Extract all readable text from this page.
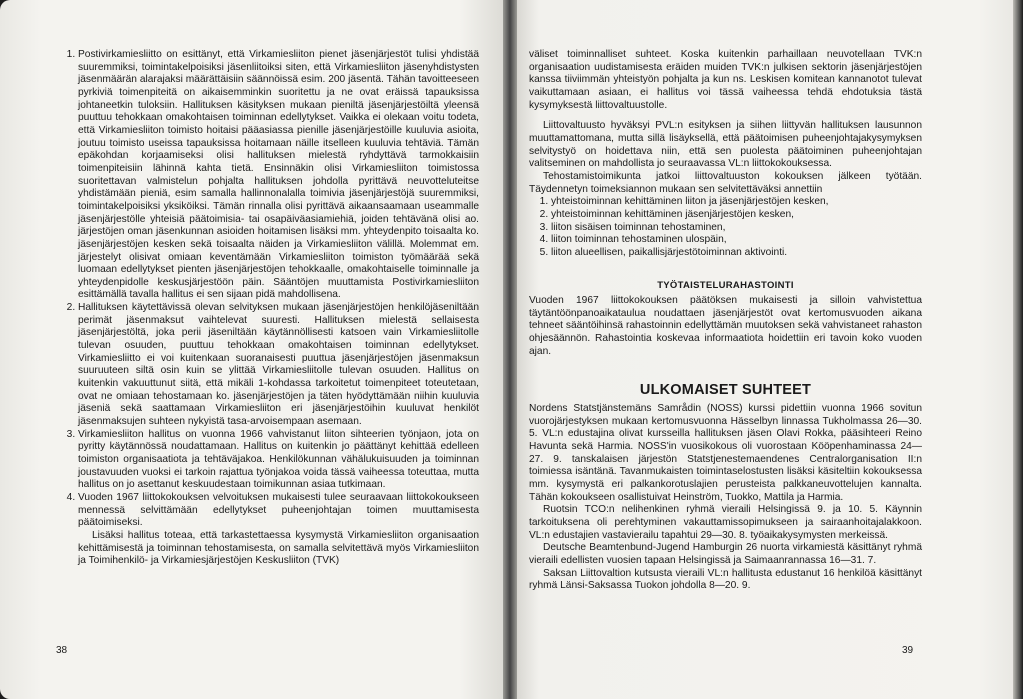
1. Postivirkamiesliitto on esittänyt, että Virkamiesliiton pienet jäsenjärjestöt tulisi yhdistää suuremmiksi, toimintakelpoisiksi jäsenliitoiksi siten, että Virkamiesliiton jäsenyhdistysten jäsenmäärän alarajaksi määrättäisiin säännöissä esim. 200 jäsentä. Tähän tavoitteeseen pyrkiviä toimenpiteitä on aikaisemminkin suoritettu ja ne ovat eräissä tapauksissa johtaneetkin tuloksiin. Hallituksen käsityksen mukaan pieniltä jäsenjärjestöiltä yleensä puuttuu tehokkaan omakohtaisen toiminnan edellytykset. Vaikka ei olekaan voitu todeta, että Virkamiesliiton toimisto hoitaisi pääasiassa pienille jäsenjärjestöille kuuluvia asioita, joutuu toimisto useissa tapauksissa hoitamaan näille itselleen kuuluvia tehtäviä. Tämän epäkohdan korjaamiseksi olisi hallituksen mielestä ryhdyttävä tarmokkaisiin toimenpiteisiin lähinnä kahta tietä. Ensinnäkin olisi Virkamiesliiton toimistossa suoritettavan valmistelun pohjalta hallituksen johdolla pyrittävä neuvotteluteitse yhdistämään pieniä, esim samalla hallinnonalalla toimivia jäsenjärjestöjä suuremmiksi, toimintakelpoisiksi yksiköiksi. Tämän rinnalla olisi pyrittävä aikaansaamaan useammalle jäsenjärjestölle yhteisiä päätoimisia- tai osapäiväasiamiehiä, joiden tehtävänä olisi ao. järjestöjen oman jäsenkunnan asioiden hoitamisen lisäksi mm. yhteydenpito toisaalta ko. jäsenjärjestöjen kesken sekä toisaalta näiden ja Virkamiesliiton välillä. Molemmat em. järjestelyt olisivat omiaan keventämään Virkamiesliiton toimiston työmäärää sekä luomaan edellytykset pienten jäsenjärjestöjen tehokkaalle, omakohtaiselle toiminnalle ja yhteydenpidolle keskusjärjestöön päin. Sääntöjen muuttamista Postivirkamiesliiton esittämällä tavalla hallitus ei sen sijaan pidä mahdollisena.

2. Hallituksen käytettävissä olevan selvityksen mukaan jäsenjärjestöjen henkilöjäseniltään perimät jäsenmaksut vaihtelevat suuresti. Hallituksen mielestä sellaisesta jäsenjärjestöltä, joka perii jäseniltään käytännöllisesti katsoen vain Virkamiesliitolle tulevan osuuden, puuttuu tehokkaan omakohtaisen toiminnan edellytykset. Virkamiesliitto ei voi kuitenkaan suoranaisesti puuttua jäsenjärjestöjen jäsenmaksun suuruuteen siltä osin kuin se ylittää Virkamiesliitolle tulevan osuuden. Hallitus on kuitenkin vakuuttunut siitä, että mikäli 1-kohdassa tarkoitetut toimenpiteet toteutetaan, ovat ne omiaan tehostamaan ko. jäsenjärjestöjen ja täten hyödyttämään niihin kuuluvia jäseniä sekä saattamaan Virkamiesliiton eri jäsenjärjestöihin kuuluvat henkilöt jäsenmaksujen suhteen nykyistä tasa-arvoisempaan asemaan.

3. Virkamiesliiton hallitus on vuonna 1966 vahvistanut liiton sihteerien työnjaon, jota on pyritty käytännössä noudattamaan. Hallitus on kuitenkin jo päättänyt kehittää edelleen toimiston organisaatiota ja tehtäväjakoa. Henkilökunnan vähälukuisuuden ja toiminnan joustavuuden vuoksi ei tarkoin rajattua työnjakoa voida tässä vaiheessa toteuttaa, mutta hallitus on jo asettanut keskuudestaan toimikunnan asiaa tutkimaan.

4. Vuoden 1967 liittokokouksen velvoituksen mukaisesti tulee seuraavaan liittokokoukseen mennessä selvittämään edellytykset puheenjohtajan toimen muuttamisesta päätoimiseksi.

Lisäksi hallitus toteaa, että tarkastettaessa kysymystä Virkamiesliiton organisaation kehittämisestä ja toiminnan tehostamisesta, on samalla selvitettävä myös Virkamiesliiton ja Toimihenkilö- ja Virkamiesjärjestöjen Keskusliiton (TVK)

38

väliset toiminnalliset suhteet. Koska kuitenkin parhaillaan neuvotellaan TVK:n organisaation uudistamisesta eräiden muiden TVK:n julkisen sektorin jäsenjärjestöjen kanssa tiiviimmän yhteistyön pohjalta ja kun ns. Leskisen komitean kannanotot tulevat vaikuttamaan asiaan, ei hallitus voi tässä vaiheessa tehdä ehdotuksia tästä kysymyksestä liittovaltuustolle.

Liittovaltuusto hyväksyi PVL:n esityksen ja siihen liittyvän hallituksen lausunnon muuttamattomana, mutta sillä lisäyksellä, että päätoimisen puheenjohtajakysymyksen selvitystyö on hoidettava niin, että sen puolesta päätoiminen puheenjohtajan valitseminen on mahdollista jo seuraavassa VL:n liittokokouksessa.

Tehostamistoimikunta jatkoi liittovaltuuston kokouksen jälkeen työtään. Täydennetyn toimeksiannon mukaan sen selvitettäväksi annettiin

1. yhteistoiminnan kehittäminen liiton ja jäsenjärjestöjen kesken,
2. yhteistoiminnan kehittäminen jäsenjärjestöjen kesken,
3. liiton sisäisen toiminnan tehostaminen,
4. liiton toiminnan tehostaminen ulospäin,
5. liiton alueellisen, paikallisjärjestötoiminnan aktivointi.
TYÖTAISTELURAHASTOINTI

Vuoden 1967 liittokokouksen päätöksen mukaisesti ja silloin vahvistettua täytäntöönpanoaikataulua noudattaen jäsenjärjestöt ovat kertomusvuoden aikana tehneet sääntöihinsä rahastoinnin edellyttämän muutoksen sekä vahvistaneet rahaston ohjesäännön. Rahastointia koskevaa informaatiota hoidettiin eri tavoin koko vuoden ajan.

ULKOMAISET SUHTEET

Nordens Statstjänstemäns Samrådin (NOSS) kurssi pidettiin vuonna 1966 sovitun vuorojärjestyksen mukaan kertomusvuonna Hässelbyn linnassa Tukholmassa 26—30. 5. VL:n edustajina olivat kursseilla hallituksen jäsen Olavi Rokka, pääsihteeri Reino Havunta sekä Harmia. NOSS'in vuosikokous oli vuorostaan Kööpenhaminassa 24—27. 9. tanskalaisen järjestön Statstjenestemaendenes Centralorganisation II:n toimiessa isäntänä. Tavanmukaisten toimintaselostusten lisäksi käsiteltiin kokouksessa mm. kysymystä eri palkankorotuslajien perusteista palkkaneuvottelujen kannalta. Tähän kokoukseen osallistuivat Heinström, Tuokko, Mattila ja Harmia.

Ruotsin TCO:n nelihenkinen ryhmä vieraili Helsingissä 9. ja 10. 5. Käynnin tarkoituksena oli perehtyminen vakauttamissopimukseen ja sairaanhoitajalakkoon. VL:n edustajien vastavierailu tapahtui 29—30. 8. työaikakysymysten merkeissä.

Deutsche Beamtenbund-Jugend Hamburgin 26 nuorta virkamiestä käsittänyt ryhmä vieraili edellisten vuosien tapaan Helsingissä ja Saimaanrannassa 16—31. 7.

Saksan Liittovaltion kutsusta vieraili VL:n hallitusta edustanut 16 henkilöä käsittänyt ryhmä Länsi-Saksassa Tuokon johdolla 8—20. 9.

39
